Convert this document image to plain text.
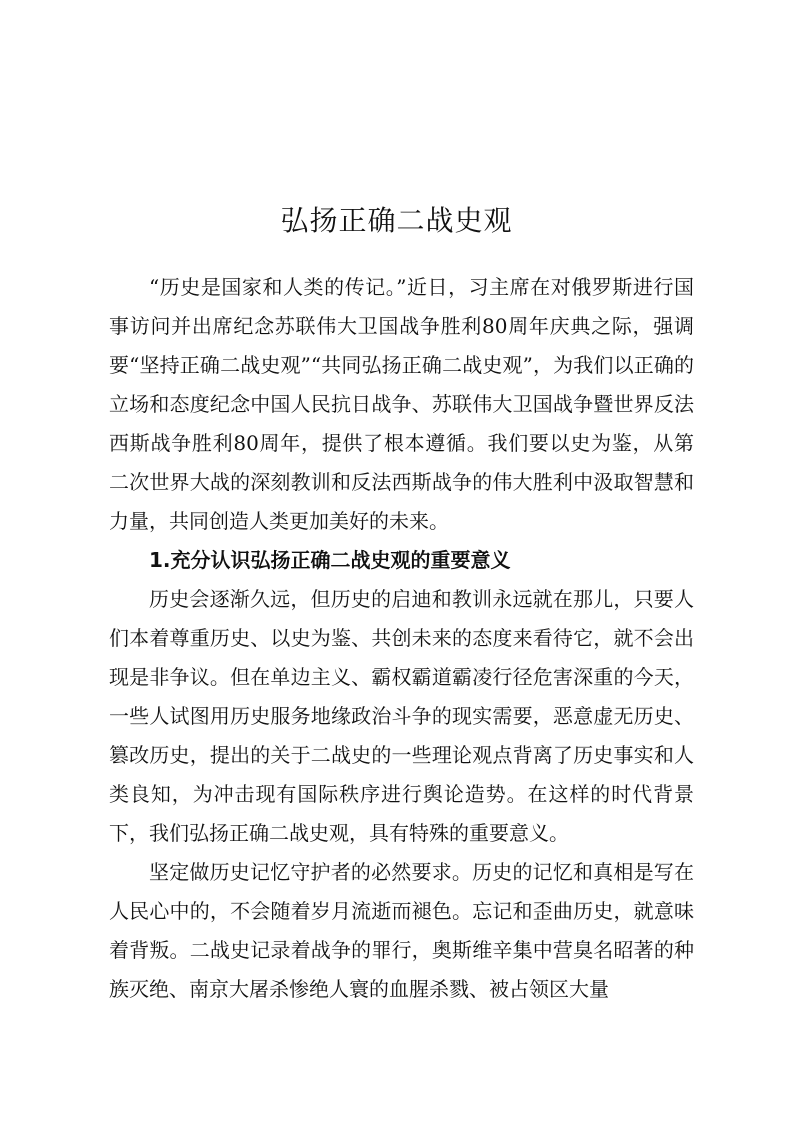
弘扬正确二战史观

“历史是国家和人类的传记。”近日，习主席在对俄罗斯进行国事访问并出席纪念苏联伟大卫国战争胜利80周年庆典之际，强调要“坚持正确二战史观”“共同弘扬正确二战史观”，为我们以正确的立场和态度纪念中国人民抗日战争、苏联伟大卫国战争暨世界反法西斯战争胜利80周年，提供了根本遵循。我们要以史为鉴，从第二次世界大战的深刻教训和反法西斯战争的伟大胜利中汲取智慧和力量，共同创造人类更加美好的未来。

1.充分认识弘扬正确二战史观的重要意义

历史会逐渐久远，但历史的启迪和教训永远就在那儿，只要人们本着尊重历史、以史为鉴、共创未来的态度来看待它，就不会出现是非争议。但在单边主义、霸权霸道霸凌行径危害深重的今天，一些人试图用历史服务地缘政治斗争的现实需要，恶意虚无历史、篡改历史，提出的关于二战史的一些理论观点背离了历史事实和人类良知，为冲击现有国际秩序进行舆论造势。在这样的时代背景下，我们弘扬正确二战史观，具有特殊的重要意义。

坚定做历史记忆守护者的必然要求。历史的记忆和真相是写在人民心中的，不会随着岁月流逝而褪色。忘记和歪曲历史，就意味着背叛。二战史记录着战争的罪行，奥斯维辛集中营臭名昭著的种族灭绝、南京大屠杀惨绝人寰的血腥杀戮、被占领区大量
